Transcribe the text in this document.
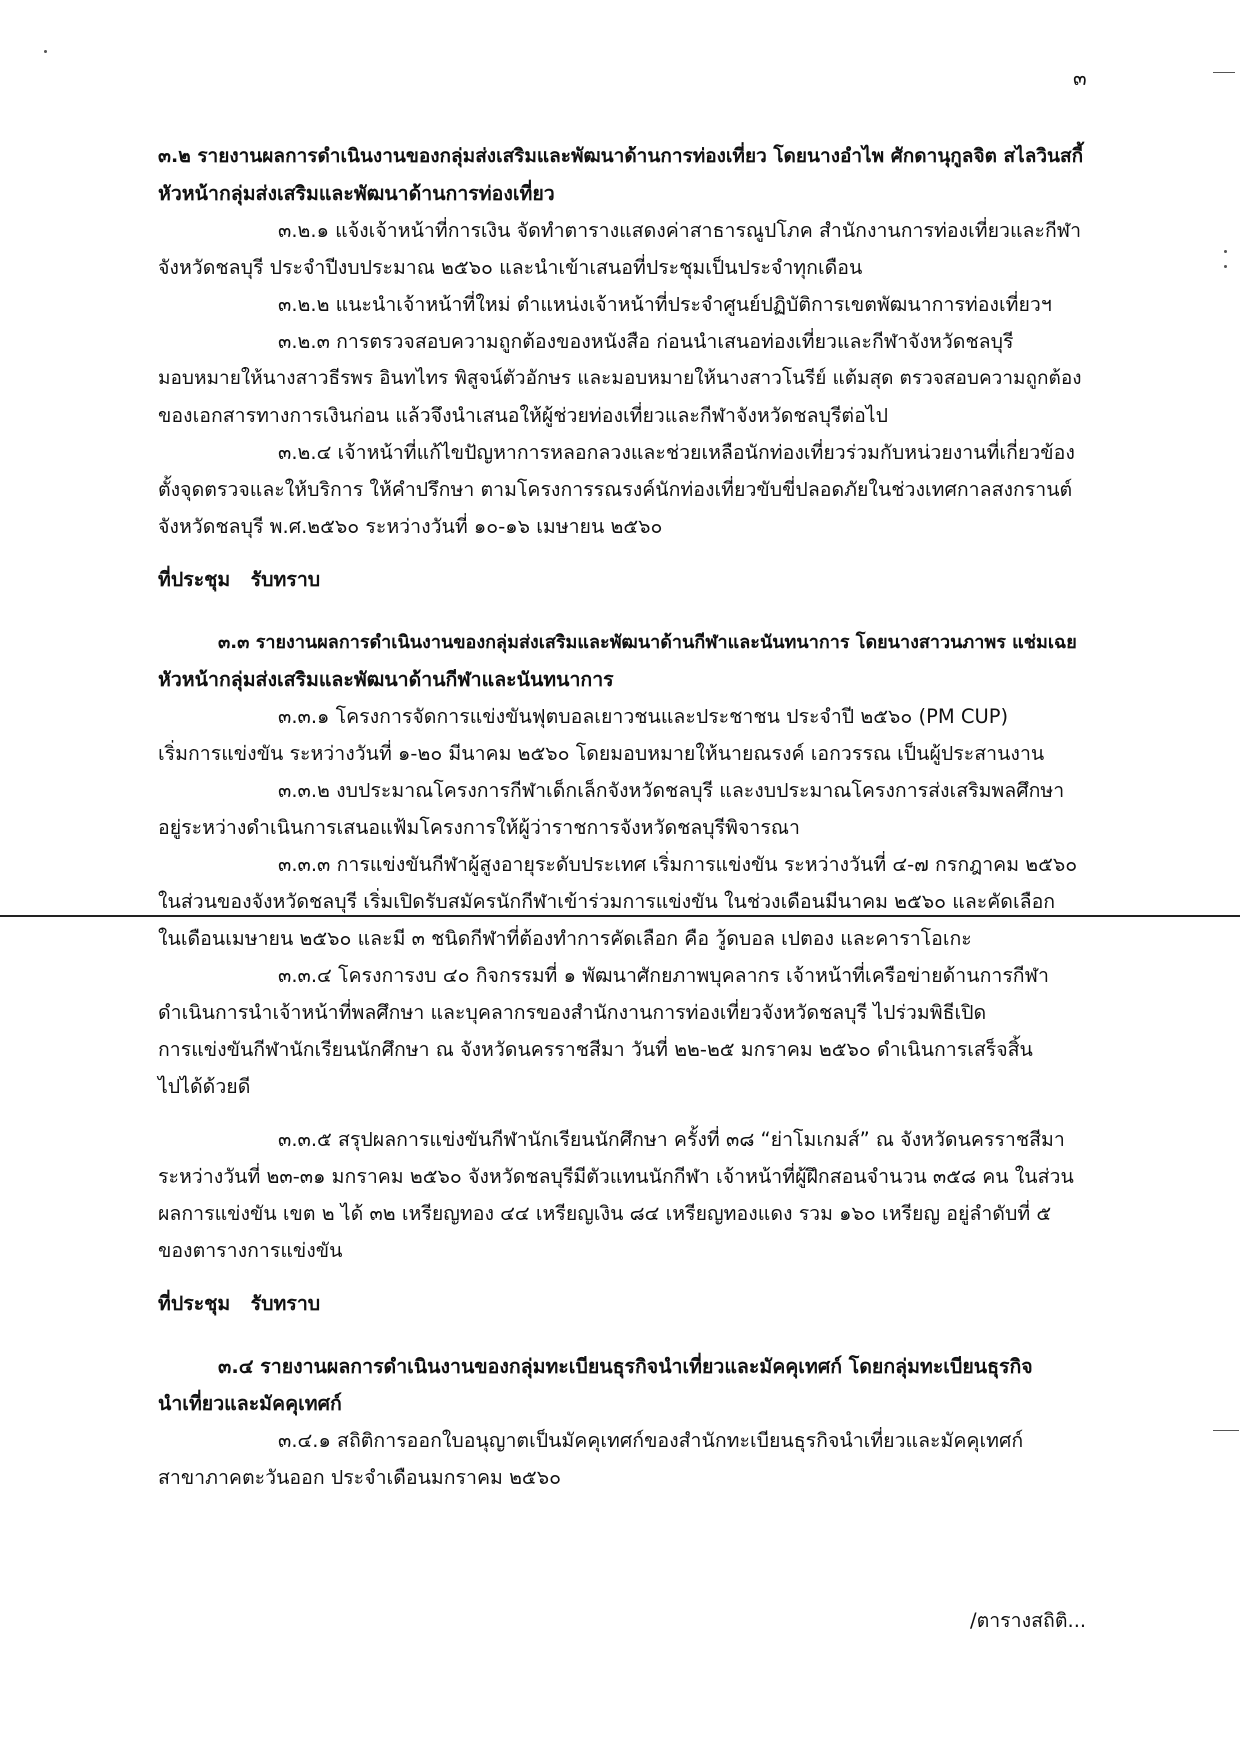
๓

๓.๒ รายงานผลการดำเนินงานของกลุ่มส่งเสริมและพัฒนาด้านการท่องเที่ยว โดยนางอำไพ ศักดานุกูลจิต สไลวินสกี้
หัวหน้ากลุ่มส่งเสริมและพัฒนาด้านการท่องเที่ยว

๓.๒.๑ แจ้งเจ้าหน้าที่การเงิน จัดทำตารางแสดงค่าสาธารณูปโภค สำนักงานการท่องเที่ยวและกีฬา
จังหวัดชลบุรี ประจำปีงบประมาณ ๒๕๖๐ และนำเข้าเสนอที่ประชุมเป็นประจำทุกเดือน

๓.๒.๒ แนะนำเจ้าหน้าที่ใหม่ ตำแหน่งเจ้าหน้าที่ประจำศูนย์ปฏิบัติการเขตพัฒนาการท่องเที่ยวฯ

๓.๒.๓ การตรวจสอบความถูกต้องของหนังสือ ก่อนนำเสนอท่องเที่ยวและกีฬาจังหวัดชลบุรี
มอบหมายให้นางสาวธีรพร อินทไทร พิสูจน์ตัวอักษร และมอบหมายให้นางสาวโนรีย์ แต้มสุด ตรวจสอบความถูกต้อง
ของเอกสารทางการเงินก่อน แล้วจึงนำเสนอให้ผู้ช่วยท่องเที่ยวและกีฬาจังหวัดชลบุรีต่อไป

๓.๒.๔ เจ้าหน้าที่แก้ไขปัญหาการหลอกลวงและช่วยเหลือนักท่องเที่ยวร่วมกับหน่วยงานที่เกี่ยวข้อง
ตั้งจุดตรวจและให้บริการ ให้คำปรึกษา ตามโครงการรณรงค์นักท่องเที่ยวขับขี่ปลอดภัยในช่วงเทศกาลสงกรานต์
จังหวัดชลบุรี พ.ศ.๒๕๖๐ ระหว่างวันที่ ๑๐-๑๖ เมษายน ๒๕๖๐

ที่ประชุม   รับทราบ

๓.๓ รายงานผลการดำเนินงานของกลุ่มส่งเสริมและพัฒนาด้านกีฬาและนันทนาการ โดยนางสาวนภาพร แช่มเฉย
หัวหน้ากลุ่มส่งเสริมและพัฒนาด้านกีฬาและนันทนาการ

๓.๓.๑ โครงการจัดการแข่งขันฟุตบอลเยาวชนและประชาชน ประจำปี ๒๕๖๐ (PM CUP)
เริ่มการแข่งขัน ระหว่างวันที่ ๑-๒๐ มีนาคม ๒๕๖๐ โดยมอบหมายให้นายณรงค์ เอกวรรณ เป็นผู้ประสานงาน

๓.๓.๒ งบประมาณโครงการกีฬาเด็กเล็กจังหวัดชลบุรี และงบประมาณโครงการส่งเสริมพลศึกษา
อยู่ระหว่างดำเนินการเสนอแฟ้มโครงการให้ผู้ว่าราชการจังหวัดชลบุรีพิจารณา

๓.๓.๓ การแข่งขันกีฬาผู้สูงอายุระดับประเทศ เริ่มการแข่งขัน ระหว่างวันที่ ๔-๗ กรกฎาคม ๒๕๖๐
ในส่วนของจังหวัดชลบุรี เริ่มเปิดรับสมัครนักกีฬาเข้าร่วมการแข่งขัน ในช่วงเดือนมีนาคม ๒๕๖๐ และคัดเลือก
ในเดือนเมษายน ๒๕๖๐ และมี ๓ ชนิดกีฬาที่ต้องทำการคัดเลือก คือ วู้ดบอล เปตอง และคาราโอเกะ

๓.๓.๔ โครงการงบ ๔๐ กิจกรรมที่ ๑ พัฒนาศักยภาพบุคลากร เจ้าหน้าที่เครือข่ายด้านการกีฬา
ดำเนินการนำเจ้าหน้าที่พลศึกษา และบุคลากรของสำนักงานการท่องเที่ยวจังหวัดชลบุรี ไปร่วมพิธีเปิด
การแข่งขันกีฬานักเรียนนักศึกษา ณ จังหวัดนครราชสีมา วันที่ ๒๒-๒๕ มกราคม ๒๕๖๐ ดำเนินการเสร็จสิ้น
ไปได้ด้วยดี

๓.๓.๕ สรุปผลการแข่งขันกีฬานักเรียนนักศึกษา ครั้งที่ ๓๘ “ย่าโมเกมส์” ณ จังหวัดนครราชสีมา
ระหว่างวันที่ ๒๓-๓๑ มกราคม ๒๕๖๐ จังหวัดชลบุรีมีตัวแทนนักกีฬา เจ้าหน้าที่ผู้ฝึกสอนจำนวน ๓๕๘ คน ในส่วน
ผลการแข่งขัน เขต ๒ ได้ ๓๒ เหรียญทอง ๔๔ เหรียญเงิน ๘๔ เหรียญทองแดง รวม ๑๖๐ เหรียญ อยู่ลำดับที่ ๕
ของตารางการแข่งขัน

ที่ประชุม   รับทราบ

๓.๔ รายงานผลการดำเนินงานของกลุ่มทะเบียนธุรกิจนำเที่ยวและมัคคุเทศก์ โดยกลุ่มทะเบียนธุรกิจ
นำเที่ยวและมัคคุเทศก์

๓.๔.๑ สถิติการออกใบอนุญาตเป็นมัคคุเทศก์ของสำนักทะเบียนธุรกิจนำเที่ยวและมัคคุเทศก์
สาขาภาคตะวันออก ประจำเดือนมกราคม ๒๕๖๐

/ตารางสถิติ...
